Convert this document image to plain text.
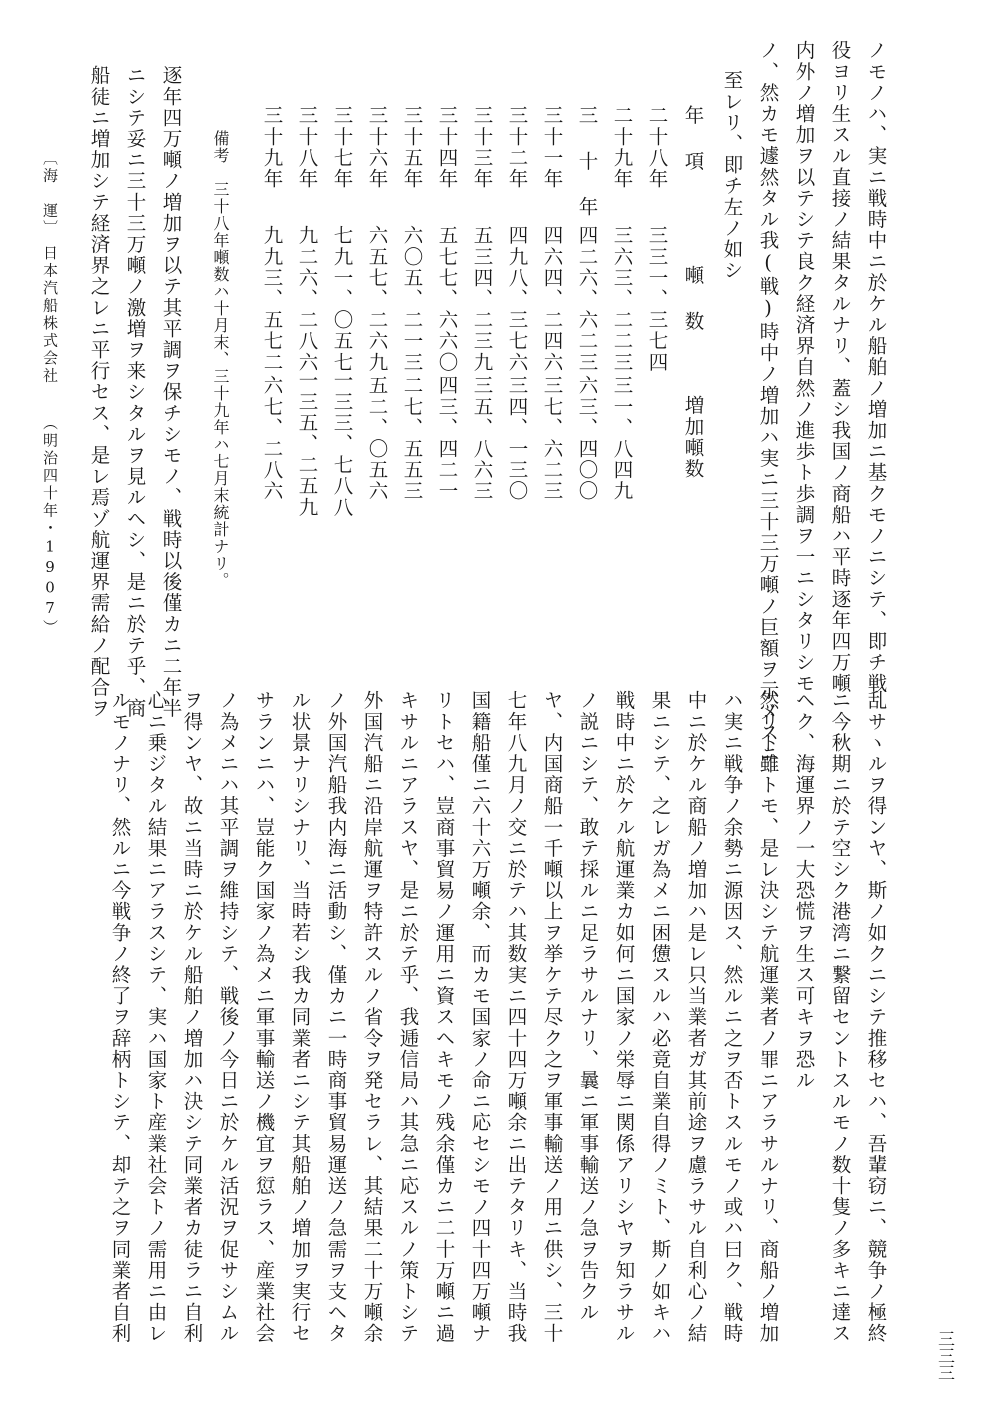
ノモノハ、実ニ戦時中ニ於ケル船舶ノ増加ニ基クモノニシテ、即チ戦
役ヨリ生スル直接ノ結果タルナリ、蓋シ我国ノ商船ハ平時逐年四万噸
内外ノ増加ヲ以テシテ良ク経済界自然ノ進歩ト歩調ヲ一ニシタリシモ
ノ、然カモ遽然タル我(戦)時中ノ増加ハ実ニ三十三万噸ノ巨額ヲ示メスニ
至レリ、即チ左ノ如シ
年 項
噸 数
増加噸数
二十八年
三三一、三七四
二十九年
三六三、二二三
三一、八四九
三 十 年
四二六、六二三
六三、四〇〇
三十一年
四六四、二四六
三七、六二三
三十二年
四九八、三七六
三四、一三〇
三十三年
五三四、二三九
三五、八六三
三十四年
五七七、六六〇
四三、四二一
三十五年
六〇五、二一三
二七、五五三
三十六年
六五七、二六九
五二、〇五六
三十七年
七九一、〇五七
一三三、七八八
三十八年
九二六、二八六
一三五、二五九
三十九年
九九三、五七二
六七、二八六
備考　三十八年噸数ハ十月末、三十九年ハ七月末統計ナリ。
逐年四万噸ノ増加ヲ以テ其平調ヲ保チシモノ、戦時以後僅カニ二年半
ニシテ妥ニ三十三万噸ノ激増ヲ来シタルヲ見ルヘシ、是ニ於テ乎、商
船徒ニ増加シテ経済界之レニ平行セス、是レ焉ゾ航運界需給ノ配合ヲ
〔海　運〕
日本汽船株式会社
（明治四十年・1907）
乱サヽルヲ得ンヤ、斯ノ如クニシテ推移セハ、吾輩窃ニ、競争ノ極終
ニ今秋期ニ於テ空シク港湾ニ繋留セントスルモノ数十隻ノ多キニ達ス
ヘク、海運界ノ一大恐慌ヲ生ス可キヲ恐ル
然リト雖トモ、是レ決シテ航運業者ノ罪ニアラサルナリ、商船ノ増加
ハ実ニ戦争ノ余勢ニ源因ス、然ルニ之ヲ否トスルモノ或ハ曰ク、戦時
中ニ於ケル商船ノ増加ハ是レ只当業者ガ其前途ヲ慮ラサル自利心ノ結
果ニシテ、之レガ為メニ困憊スルハ必竟自業自得ノミト、斯ノ如キハ
戦時中ニ於ケル航運業カ如何ニ国家ノ栄辱ニ関係アリシヤヲ知ラサル
ノ説ニシテ、敢テ採ルニ足ラサルナリ、曩ニ軍事輸送ノ急ヲ告クル
ヤ、内国商船一千噸以上ヲ挙ケテ尽ク之ヲ軍事輸送ノ用ニ供シ、三十
七年八九月ノ交ニ於テハ其数実ニ四十四万噸余ニ出テタリキ、当時我
国籍船僅ニ六十六万噸余、而カモ国家ノ命ニ応セシモノ四十四万噸ナ
リトセハ、豈商事貿易ノ運用ニ資スヘキモノ残余僅カニ二十万噸ニ過
キサルニアラスヤ、是ニ於テ乎、我逓信局ハ其急ニ応スルノ策トシテ
外国汽船ニ沿岸航運ヲ特許スルノ省令ヲ発セラレ、其結果二十万噸余
ノ外国汽船我内海ニ活動シ、僅カニ一時商事貿易運送ノ急需ヲ支ヘタ
ル状景ナリシナリ、当時若シ我カ同業者ニシテ其船舶ノ増加ヲ実行セ
サランニハ、豈能ク国家ノ為メニ軍事輸送ノ機宜ヲ愆ラス、産業社会
ノ為メニハ其平調ヲ維持シテ、戦後ノ今日ニ於ケル活況ヲ促サシムル
ヲ得ンヤ、故ニ当時ニ於ケル船舶ノ増加ハ決シテ同業者カ徒ラニ自利
心ニ乗ジタル結果ニアラスシテ、実ハ国家ト産業社会トノ需用ニ由レ
ルモノナリ、然ルニ今戦争ノ終了ヲ辞柄トシテ、却テ之ヲ同業者自利
三三三
